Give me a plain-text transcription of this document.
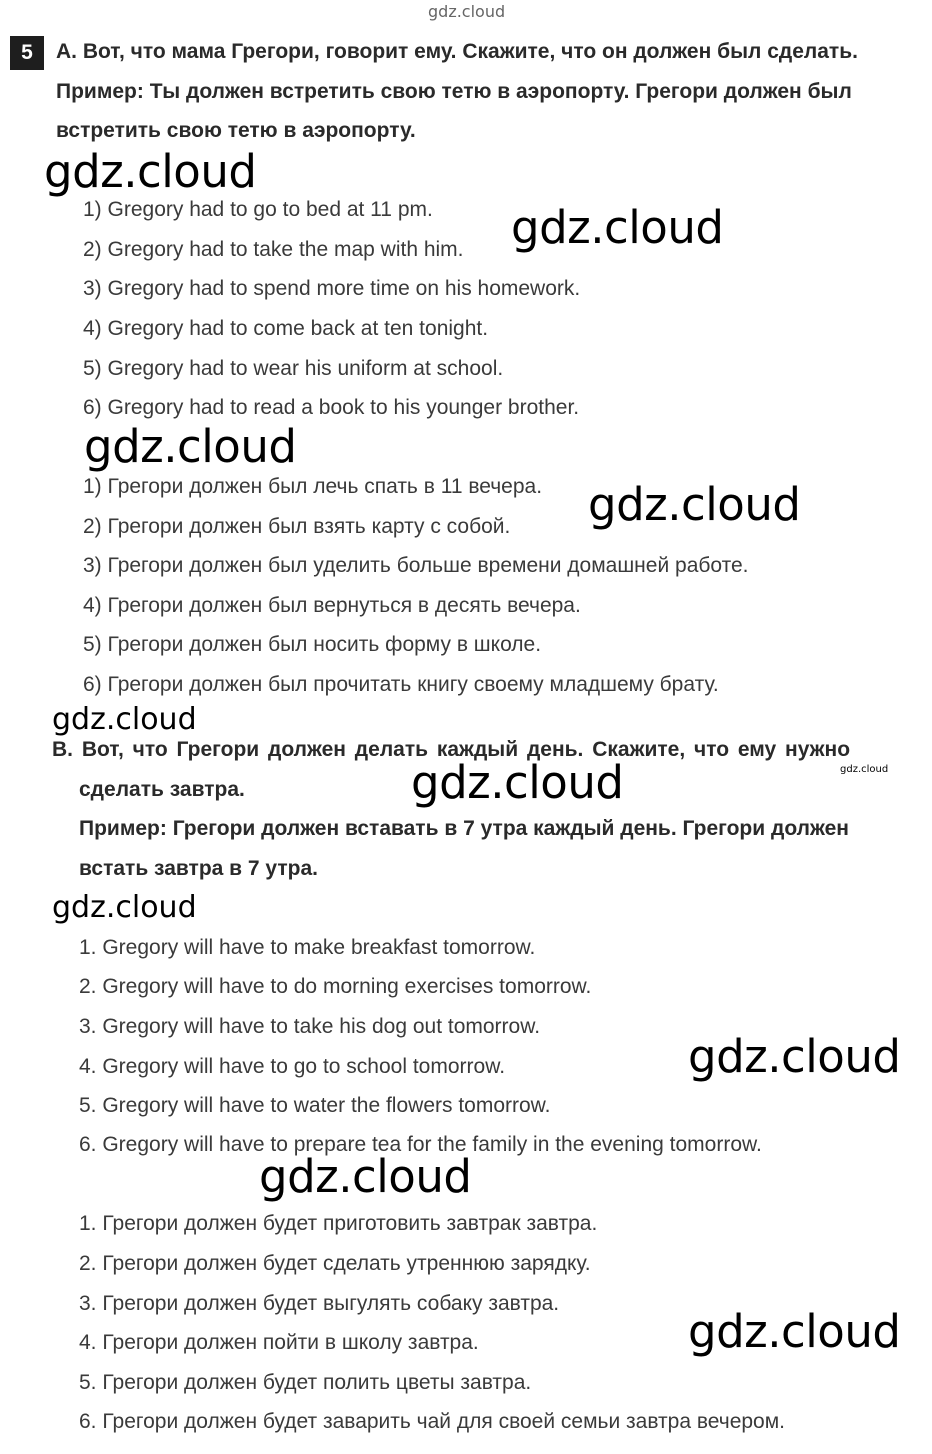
gdz.cloud
5	А. Вот, что мама Грегори, говорит ему. Скажите, что он должен был сделать.
Пример: Ты должен встретить свою тетю в аэропорту. Грегори должен был
встретить свою тетю в аэропорту.
1) Gregory had to go to bed at 11 pm.
2) Gregory had to take the map with him.
3) Gregory had to spend more time on his homework.
4) Gregory had to come back at ten tonight.
5) Gregory had to wear his uniform at school.
6) Gregory had to read a book to his younger brother.
1) Грегори должен был лечь спать в 11 вечера.
2) Грегори должен был взять карту с собой.
3) Грегори должен был уделить больше времени домашней работе.
4) Грегори должен был вернуться в десять вечера.
5) Грегори должен был носить форму в школе.
6) Грегори должен был прочитать книгу своему младшему брату.
В. Вот, что Грегори должен делать каждый день. Скажите, что ему нужно
сделать завтра.
Пример: Грегори должен вставать в 7 утра каждый день. Грегори должен
встать завтра в 7 утра.
1. Gregory will have to make breakfast tomorrow.
2. Gregory will have to do morning exercises tomorrow.
3. Gregory will have to take his dog out tomorrow.
4. Gregory will have to go to school tomorrow.
5. Gregory will have to water the flowers tomorrow.
6. Gregory will have to prepare tea for the family in the evening tomorrow.
1. Грегори должен будет приготовить завтрак завтра.
2. Грегори должен будет сделать утреннюю зарядку.
3. Грегори должен будет выгулять собаку завтра.
4. Грегори должен пойти в школу завтра.
5. Грегори должен будет полить цветы завтра.
6. Грегори должен будет заварить чай для своей семьи завтра вечером.
gdz.cloud
gdz.cloud
gdz.cloud
gdz.cloud
gdz.cloud
gdz.cloud
gdz.cloud
gdz.cloud
gdz.cloud
gdz.cloud
gdz.cloud
